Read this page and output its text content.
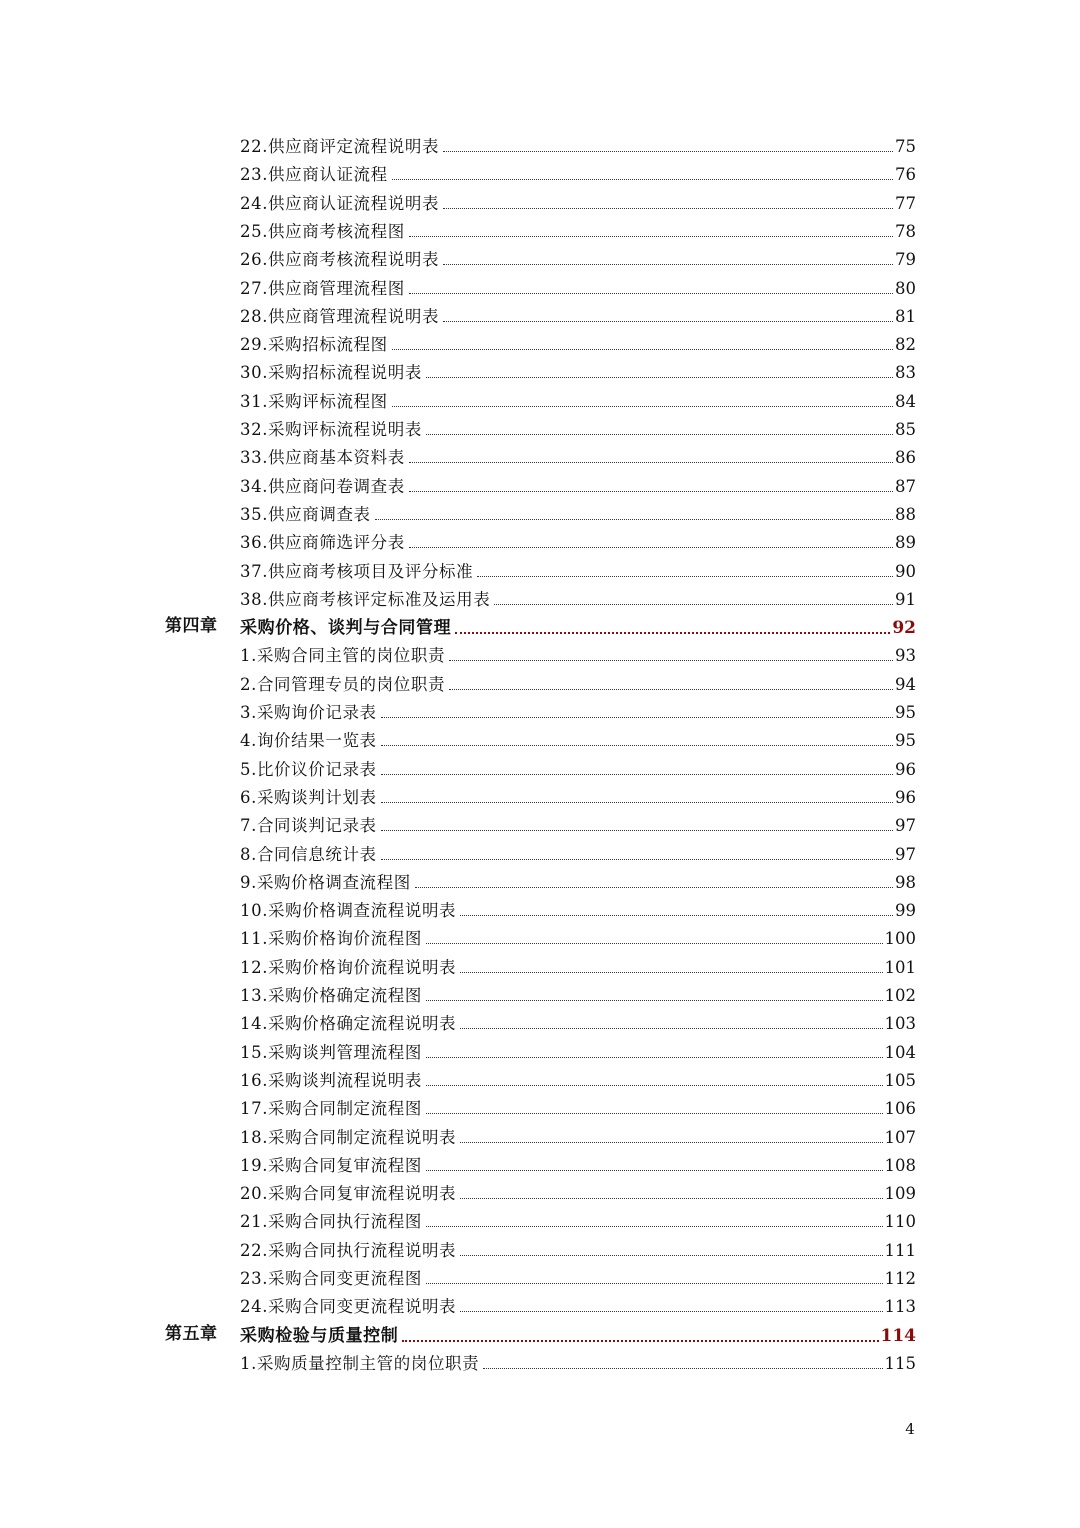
22.供应商评定流程说明表	75
23.供应商认证流程	76
24.供应商认证流程说明表	77
25.供应商考核流程图	78
26.供应商考核流程说明表	79
27.供应商管理流程图	80
28.供应商管理流程说明表	81
29.采购招标流程图	82
30.采购招标流程说明表	83
31.采购评标流程图	84
32.采购评标流程说明表	85
33.供应商基本资料表	86
34.供应商问卷调查表	87
35.供应商调查表	88
36.供应商筛选评分表	89
37.供应商考核项目及评分标准	90
38.供应商考核评定标准及运用表	91
第四章 采购价格、谈判与合同管理	92
1.采购合同主管的岗位职责	93
2.合同管理专员的岗位职责	94
3.采购询价记录表	95
4.询价结果一览表	95
5.比价议价记录表	96
6.采购谈判计划表	96
7.合同谈判记录表	97
8.合同信息统计表	97
9.采购价格调查流程图	98
10.采购价格调查流程说明表	99
11.采购价格询价流程图	100
12.采购价格询价流程说明表	101
13.采购价格确定流程图	102
14.采购价格确定流程说明表	103
15.采购谈判管理流程图	104
16.采购谈判流程说明表	105
17.采购合同制定流程图	106
18.采购合同制定流程说明表	107
19.采购合同复审流程图	108
20.采购合同复审流程说明表	109
21.采购合同执行流程图	110
22.采购合同执行流程说明表	111
23.采购合同变更流程图	112
24.采购合同变更流程说明表	113
第五章 采购检验与质量控制	114
1.采购质量控制主管的岗位职责	115
4
